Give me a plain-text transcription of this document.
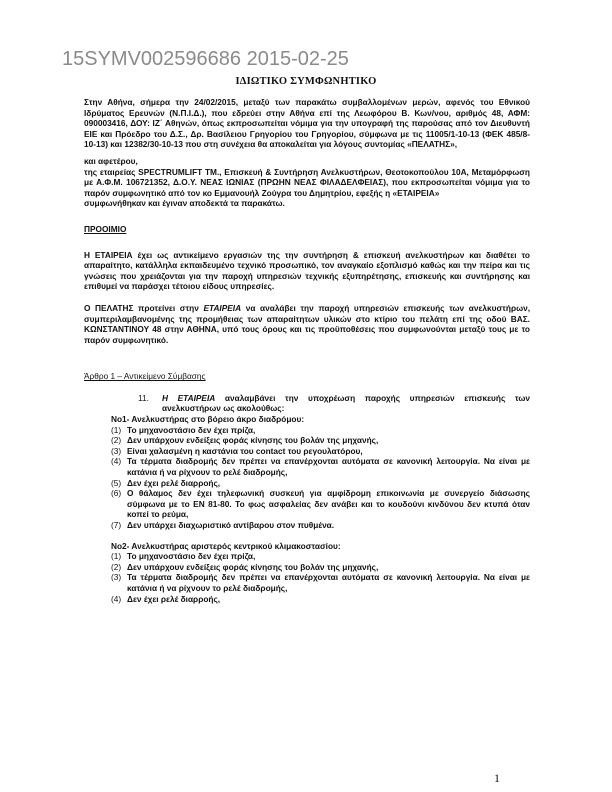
15SYMV002596686 2015-02-25
ΙΔΙΩΤΙΚΟ ΣΥΜΦΩΝΗΤΙΚΟ

Στην Αθήνα, σήμερα την 24/02/2015, μεταξύ των παρακάτω συμβαλλομένων μερών, αφενός του Εθνικού Ιδρύματος Ερευνών (Ν.Π.Ι.Δ.), που εδρεύει στην Αθήνα επί της Λεωφόρου Β. Κων/νου, αριθμός 48, ΑΦΜ: 090003416, ΔΟΥ: ΙΖ΄ Αθηνών, όπως εκπροσωπείται νόμιμα για την υπογραφή της παρούσας από τον Διευθυντή ΕΙΕ και Πρόεδρο του Δ.Σ., Δρ. Βασίλειου Γρηγορίου του Γρηγορίου, σύμφωνα με τις 11005/1-10-13 (ΦΕΚ 485/8-10-13) και 12382/30-10-13 που στη συνέχεια θα αποκαλείται για λόγους συντομίας «ΠΕΛΑΤΗΣ»,

και αφετέρου,

της εταιρείας SPECTRUMLIFT TM., Επισκευή & Συντήρηση Ανελκυστήρων, Θεοτοκοπούλου 10Α, Μεταμόρφωση με Α.Φ.Μ. 106721352, Δ.Ο.Υ. ΝΕΑΣ ΙΩΝΙΑΣ (ΠΡΩΗΝ ΝΕΑΣ ΦΙΛΑΔΕΛΦΕΙΑΣ), που εκπροσωπείται νόμιμα για το παρόν συμφωνητικό από τον κο Εμμανουήλ Ζούγρα του Δημητρίου, εφεξής η «ΕΤΑΙΡΕΙΑ»

συμφωνήθηκαν και έγιναν αποδεκτά τα παρακάτω.

ΠΡΟΟΙΜΙΟ

Η ΕΤΑΙΡΕΙΑ έχει ως αντικείμενο εργασιών της την συντήρηση & επισκευή ανελκυστήρων και διαθέτει το απαραίτητο, κατάλληλα εκπαιδευμένο τεχνικό προσωπικό, τον αναγκαίο εξοπλισμό καθώς και την πείρα και τις γνώσεις που χρειάζονται για την παροχή υπηρεσιών τεχνικής εξυπηρέτησης, επισκευής και συντήρησης και επιθυμεί να παράσχει τέτοιου είδους υπηρεσίες.

Ο ΠΕΛΑΤΗΣ προτείνει στην ΕΤΑΙΡΕΙΑ να αναλάβει την παροχή υπηρεσιών επισκευής των ανελκυστήρων, συμπεριλαμβανομένης της προμήθειας των απαραίτητων υλικών στο κτίριο του πελάτη επί της οδού ΒΑΣ. ΚΩΝΣΤΑΝΤΙΝΟΥ 48 στην ΑΘΗΝΑ, υπό τους όρους και τις προϋποθέσεις που συμφωνούνται μεταξύ τους με το παρόν συμφωνητικό.

Άρθρο 1 – Αντικείμενο Σύμβασης

11.	Η ΕΤΑΙΡΕΙΑ αναλαμβάνει την υποχρέωση παροχής υπηρεσιών επισκευής των ανελκυστήρων ως ακολούθως:
Νο1- Ανελκυστήρας στο βόρειο άκρο διαδρόμου:
(1) Το μηχανοστάσιο δεν έχει πρίζα,
(2) Δεν υπάρχουν ενδείξεις φοράς κίνησης του βολάν της μηχανής,
(3) Είναι χαλασμένη η καστάνια του contact του ρεγουλατόρου,
(4) Τα τέρματα διαδρομής δεν πρέπει να επανέρχονται αυτόματα σε κανονική λειτουργία. Να είναι με κατάνια ή να ρίχνουν το ρελέ διαδρομής,
(5) Δεν έχει ρελέ διαρροής,
(6) Ο θάλαμος δεν έχει τηλεφωνική συσκευή για αμφίδρομη επικοινωνία με συνεργείο διάσωσης σύμφωνα με το EN 81-80. Το φως ασφαλείας δεν ανάβει και το κουδούνι κινδύνου δεν κτυπά όταν κοπεί το ρεύμα,
(7) Δεν υπάρχει διαχωριστικό αντίβαρου στον πυθμένα.
Νο2- Ανελκυστήρας αριστερός κεντρικού κλιμακοστασίου:
(1) Το μηχανοστάσιο δεν έχει πρίζα,
(2) Δεν υπάρχουν ενδείξεις φοράς κίνησης του βολάν της μηχανής,
(3) Τα τέρματα διαδρομής δεν πρέπει να επανέρχονται αυτόματα σε κανονική λειτουργία. Να είναι με κατάνια ή να ρίχνουν το ρελέ διαδρομής,
(4) Δεν έχει ρελέ διαρροής,
1
